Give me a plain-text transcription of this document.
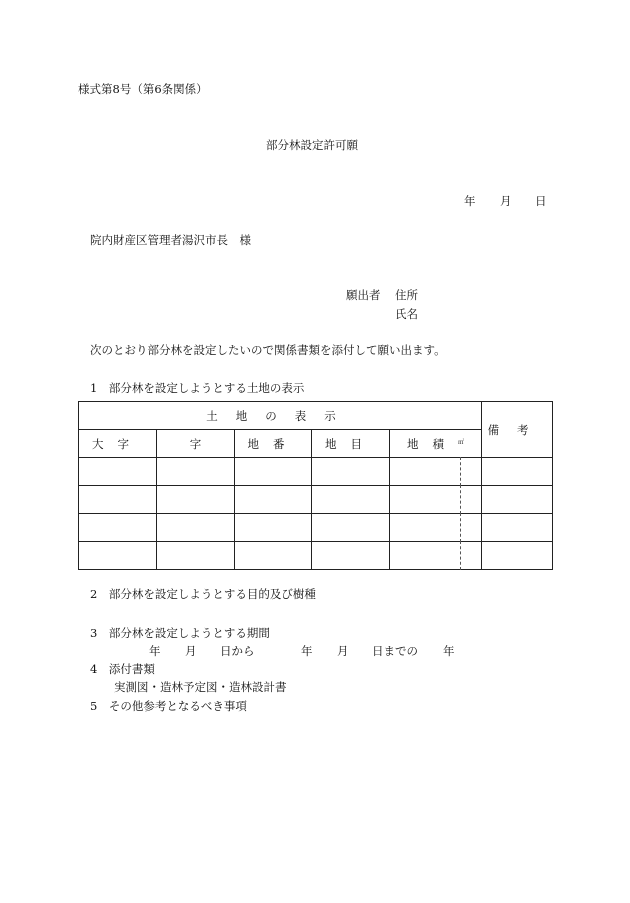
様式第8号（第6条関係）
部分林設定許可願
年 月 日
院内財産区管理者湯沢市長　様
願出者 住所
氏名
次のとおり部分林を設定したいので関係書類を添付して願い出ます。
1　部分林を設定しようとする土地の表示
土地の表示					備考
大字	字	地番	地目	地積㎡

2　部分林を設定しようとする目的及び樹種
3　部分林を設定しようとする期間
年 月 日から	年 月 日までの 年
4　添付書類
実測図・造林予定図・造林設計書
5　その他参考となるべき事項
